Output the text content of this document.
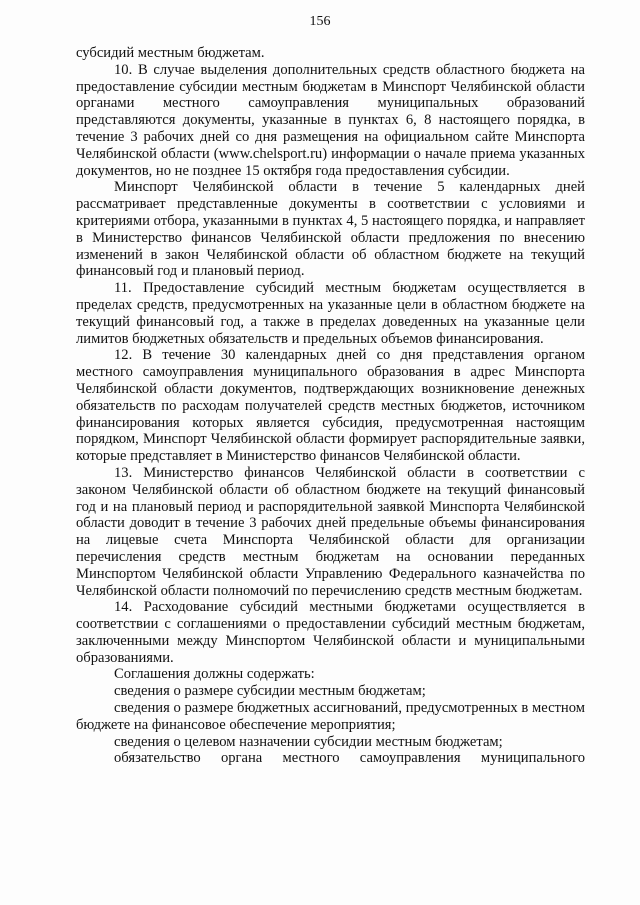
156

субсидий местным бюджетам.

10. В случае выделения дополнительных средств областного бюджета на предоставление субсидии местным бюджетам в Минспорт Челябинской области органами местного самоуправления муниципальных образований представляются документы, указанные в пунктах 6, 8 настоящего порядка, в течение 3 рабочих дней со дня размещения на официальном сайте Минспорта Челябинской области (www.chelsport.ru) информации о начале приема указанных документов, но не позднее 15 октября года предоставления субсидии.

Минспорт Челябинской области в течение 5 календарных дней рассматривает представленные документы в соответствии с условиями и критериями отбора, указанными в пунктах 4, 5 настоящего порядка, и направляет в Министерство финансов Челябинской области предложения по внесению изменений в закон Челябинской области об областном бюджете на текущий финансовый год и плановый период.

11. Предоставление субсидий местным бюджетам осуществляется в пределах средств, предусмотренных на указанные цели в областном бюджете на текущий финансовый год, а также в пределах доведенных на указанные цели лимитов бюджетных обязательств и предельных объемов финансирования.

12. В течение 30 календарных дней со дня представления органом местного самоуправления муниципального образования в адрес Минспорта Челябинской области документов, подтверждающих возникновение денежных обязательств по расходам получателей средств местных бюджетов, источником финансирования которых является субсидия, предусмотренная настоящим порядком, Минспорт Челябинской области формирует распорядительные заявки, которые представляет в Министерство финансов Челябинской области.

13. Министерство финансов Челябинской области в соответствии с законом Челябинской области об областном бюджете на текущий финансовый год и на плановый период и распорядительной заявкой Минспорта Челябинской области доводит в течение 3 рабочих дней предельные объемы финансирования на лицевые счета Минспорта Челябинской области для организации перечисления средств местным бюджетам на основании переданных Минспортом Челябинской области Управлению Федерального казначейства по Челябинской области полномочий по перечислению средств местным бюджетам.

14. Расходование субсидий местными бюджетами осуществляется в соответствии с соглашениями о предоставлении субсидий местным бюджетам, заключенными между Минспортом Челябинской области и муниципальными образованиями.

Соглашения должны содержать:

сведения о размере субсидии местным бюджетам;

сведения о размере бюджетных ассигнований, предусмотренных в местном бюджете на финансовое обеспечение мероприятия;

сведения о целевом назначении субсидии местным бюджетам;

обязательство органа местного самоуправления муниципального
